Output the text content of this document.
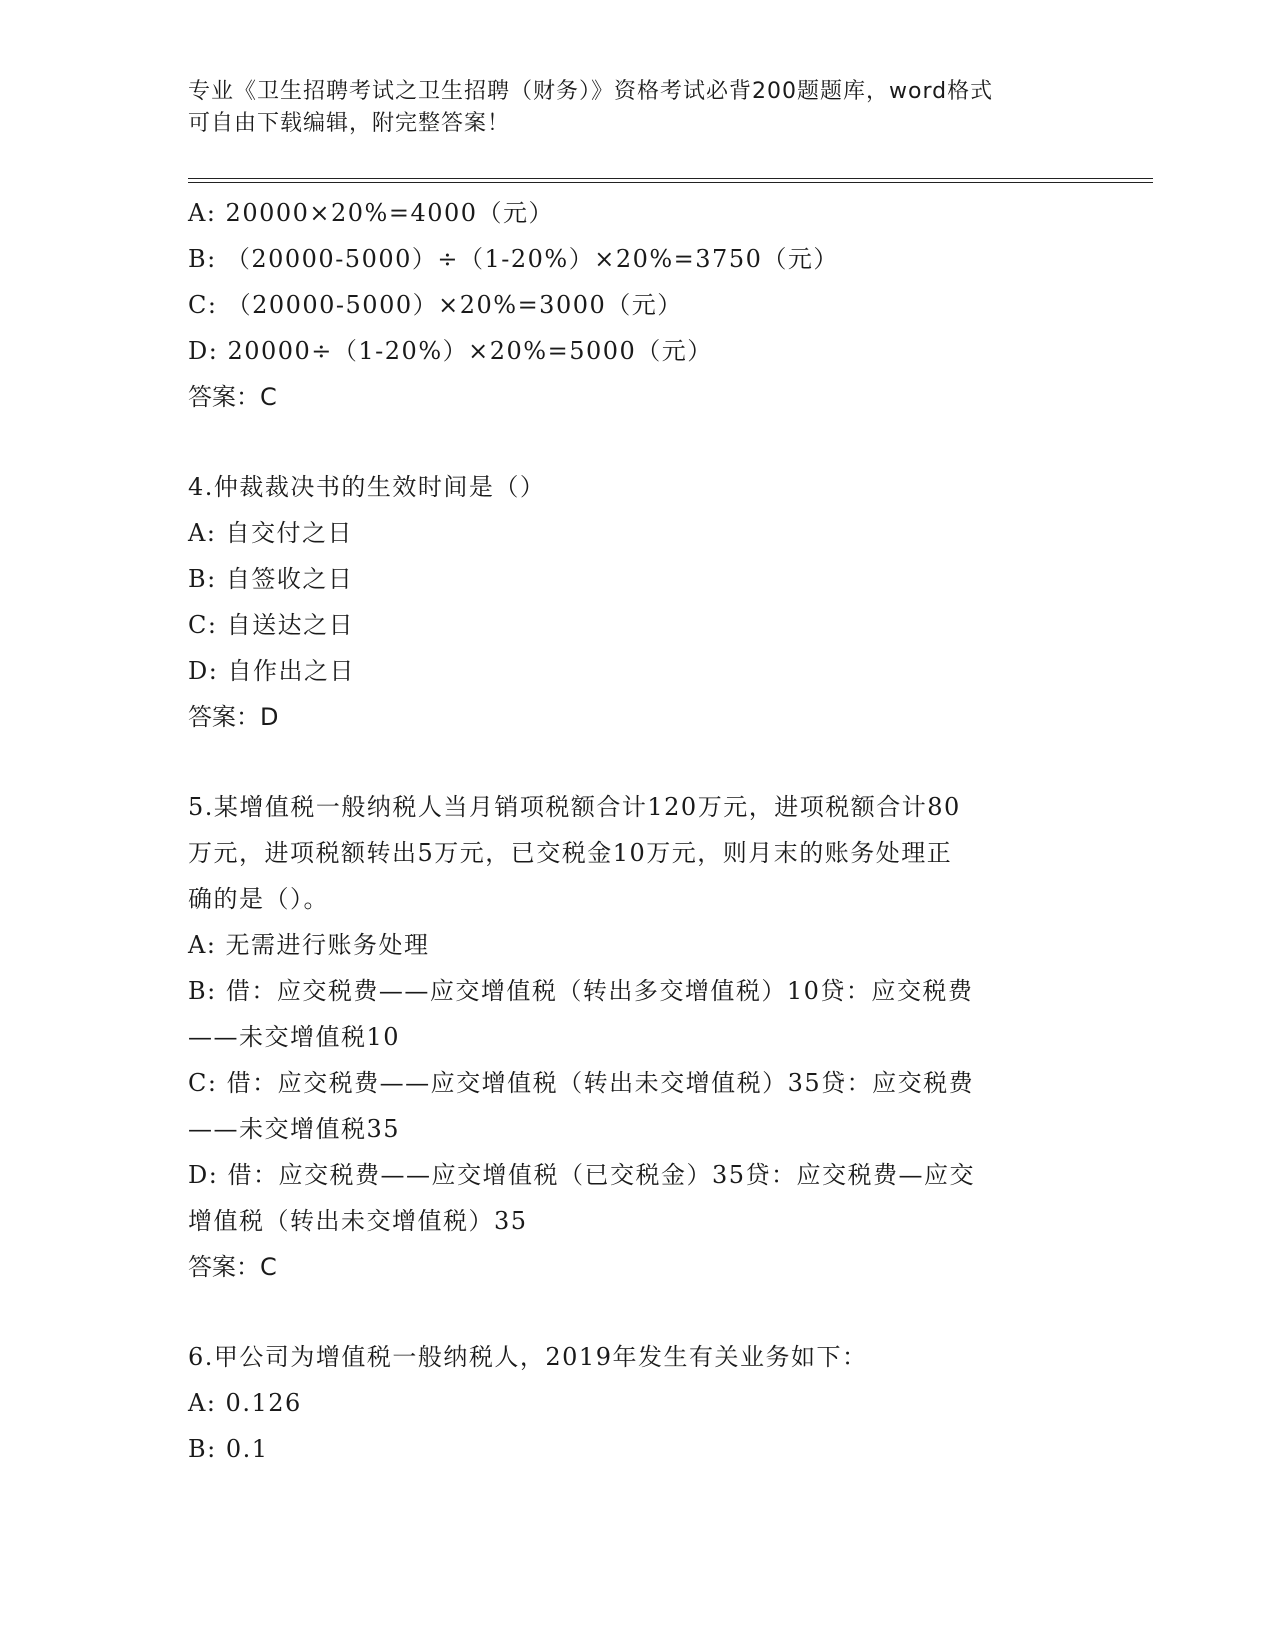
专业《卫生招聘考试之卫生招聘（财务）》资格考试必背200题题库，word格式
可自由下载编辑，附完整答案！
A: 20000×20%=4000（元）
B: （20000-5000）÷（1-20%）×20%=3750（元）
C: （20000-5000）×20%=3000（元）
D: 20000÷（1-20%）×20%=5000（元）
答案：C
4.仲裁裁决书的生效时间是（）
A: 自交付之日
B: 自签收之日
C: 自送达之日
D: 自作出之日
答案：D
5.某增值税一般纳税人当月销项税额合计120万元，进项税额合计80
万元，进项税额转出5万元，已交税金10万元，则月末的账务处理正
确的是（）。
A: 无需进行账务处理
B: 借：应交税费——应交增值税（转出多交增值税）10贷：应交税费
——未交增值税10
C: 借：应交税费——应交增值税（转出未交增值税）35贷：应交税费
——未交增值税35
D: 借：应交税费——应交增值税（已交税金）35贷：应交税费—应交
增值税（转出未交增值税）35
答案：C
6.甲公司为增值税一般纳税人，2019年发生有关业务如下：
A: 0.126
B: 0.1
